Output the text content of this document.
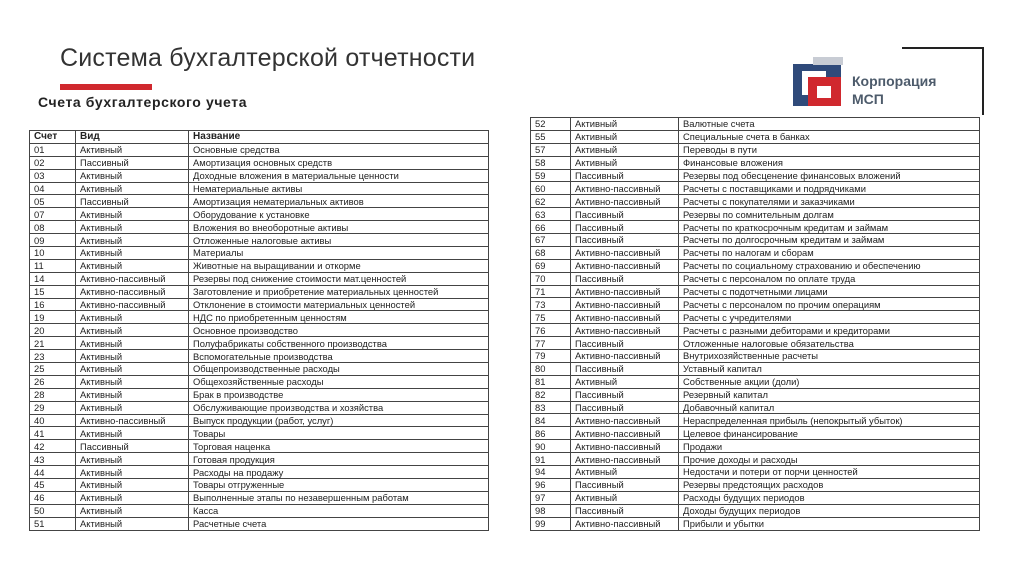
Система бухгалтерской отчетности
Счета бухгалтерского учета
Корпорация
МСП
Счет	Вид	Название
01	Активный	Основные средства
02	Пассивный	Амортизация основных средств
03	Активный	Доходные вложения в материальные ценности
04	Активный	Нематериальные активы
05	Пассивный	Амортизация нематериальных активов
07	Активный	Оборудование к установке
08	Активный	Вложения во внеоборотные активы
09	Активный	Отложенные налоговые активы
10	Активный	Материалы
11	Активный	Животные на выращивании и откорме
14	Активно-пассивный	Резервы под снижение стоимости мат.ценностей
15	Активно-пассивный	Заготовление и приобретение материальных ценностей
16	Активно-пассивный	Отклонение в стоимости материальных ценностей
19	Активный	НДС по приобретенным ценностям
20	Активный	Основное производство
21	Активный	Полуфабрикаты собственного производства
23	Активный	Вспомогательные производства
25	Активный	Общепроизводственные расходы
26	Активный	Общехозяйственные расходы
28	Активный	Брак в производстве
29	Активный	Обслуживающие производства и хозяйства
40	Активно-пассивный	Выпуск продукции (работ, услуг)
41	Активный	Товары
42	Пассивный	Торговая наценка
43	Активный	Готовая продукция
44	Активный	Расходы на продажу
45	Активный	Товары отгруженные
46	Активный	Выполненные этапы по незавершенным работам
50	Активный	Касса
51	Активный	Расчетные счета
52	Активный	Валютные счета
55	Активный	Специальные счета в банках
57	Активный	Переводы в пути
58	Активный	Финансовые вложения
59	Пассивный	Резервы под обесценение финансовых вложений
60	Активно-пассивный	Расчеты с поставщиками и подрядчиками
62	Активно-пассивный	Расчеты с покупателями и заказчиками
63	Пассивный	Резервы по сомнительным долгам
66	Пассивный	Расчеты по краткосрочным кредитам и займам
67	Пассивный	Расчеты по долгосрочным кредитам и займам
68	Активно-пассивный	Расчеты по налогам и сборам
69	Активно-пассивный	Расчеты по социальному страхованию и обеспечению
70	Пассивный	Расчеты с персоналом по оплате труда
71	Активно-пассивный	Расчеты с подотчетными лицами
73	Активно-пассивный	Расчеты с персоналом по прочим операциям
75	Активно-пассивный	Расчеты с учредителями
76	Активно-пассивный	Расчеты с разными дебиторами и кредиторами
77	Пассивный	Отложенные налоговые обязательства
79	Активно-пассивный	Внутрихозяйственные расчеты
80	Пассивный	Уставный капитал
81	Активный	Собственные акции (доли)
82	Пассивный	Резервный капитал
83	Пассивный	Добавочный капитал
84	Активно-пассивный	Нераспределенная прибыль (непокрытый убыток)
86	Активно-пассивный	Целевое финансирование
90	Активно-пассивный	Продажи
91	Активно-пассивный	Прочие доходы и расходы
94	Активный	Недостачи и потери от порчи ценностей
96	Пассивный	Резервы предстоящих расходов
97	Активный	Расходы будущих периодов
98	Пассивный	Доходы будущих периодов
99	Активно-пассивный	Прибыли и убытки
